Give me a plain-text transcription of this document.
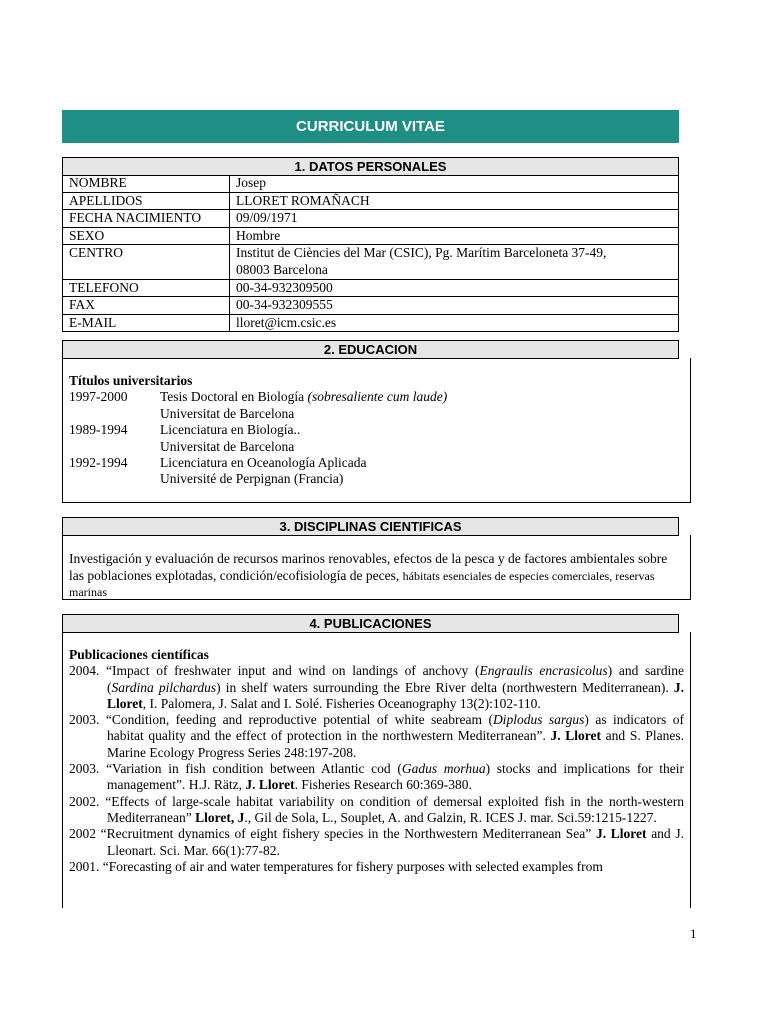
CURRICULUM VITAE
1. DATOS PERSONALES
NOMBRE	Josep
APELLIDOS	LLORET ROMAÑACH
FECHA NACIMIENTO	09/09/1971
SEXO	Hombre
CENTRO	Institut de Ciències del Mar (CSIC), Pg. Marítim Barceloneta 37-49,
08003 Barcelona
TELEFONO	00-34-932309500
FAX	00-34-932309555
E-MAIL	lloret@icm.csic.es
2. EDUCACION
Títulos universitarios
1997-2000	Tesis Doctoral en Biología (sobresaliente cum laude)
Universitat de Barcelona
1989-1994	Licenciatura en Biología..
Universitat de Barcelona
1992-1994	Licenciatura en Oceanología Aplicada
Université de Perpignan (Francia)
3. DISCIPLINAS CIENTIFICAS
Investigación y evaluación de recursos marinos renovables, efectos de la pesca y de factores ambientales sobre las poblaciones explotadas, condición/ecofisiología de peces, hábitats esenciales de especies comerciales, reservas marinas
4. PUBLICACIONES
Publicaciones científicas
2004. “Impact of freshwater input and wind on landings of anchovy (Engraulis encrasicolus) and sardine (Sardina pilchardus) in shelf waters surrounding the Ebre River delta (northwestern Mediterranean). J. Lloret, I. Palomera, J. Salat and I. Solé. Fisheries Oceanography 13(2):102-110.
2003. “Condition, feeding and reproductive potential of white seabream (Diplodus sargus) as indicators of habitat quality and the effect of protection in the northwestern Mediterranean”. J. Lloret and S. Planes. Marine Ecology Progress Series 248:197-208.
2003. “Variation in fish condition between Atlantic cod (Gadus morhua) stocks and implications for their management”. H.J. Rätz, J. Lloret. Fisheries Research 60:369-380.
2002. “Effects of large-scale habitat variability on condition of demersal exploited fish in the north-western Mediterranean” Lloret, J., Gil de Sola, L., Souplet, A. and Galzin, R. ICES J. mar. Sci.59:1215-1227.
2002 “Recruitment dynamics of eight fishery species in the Northwestern Mediterranean Sea” J. Lloret and J. Lleonart. Sci. Mar. 66(1):77-82.
2001. “Forecasting of air and water temperatures for fishery purposes with selected examples from
1
